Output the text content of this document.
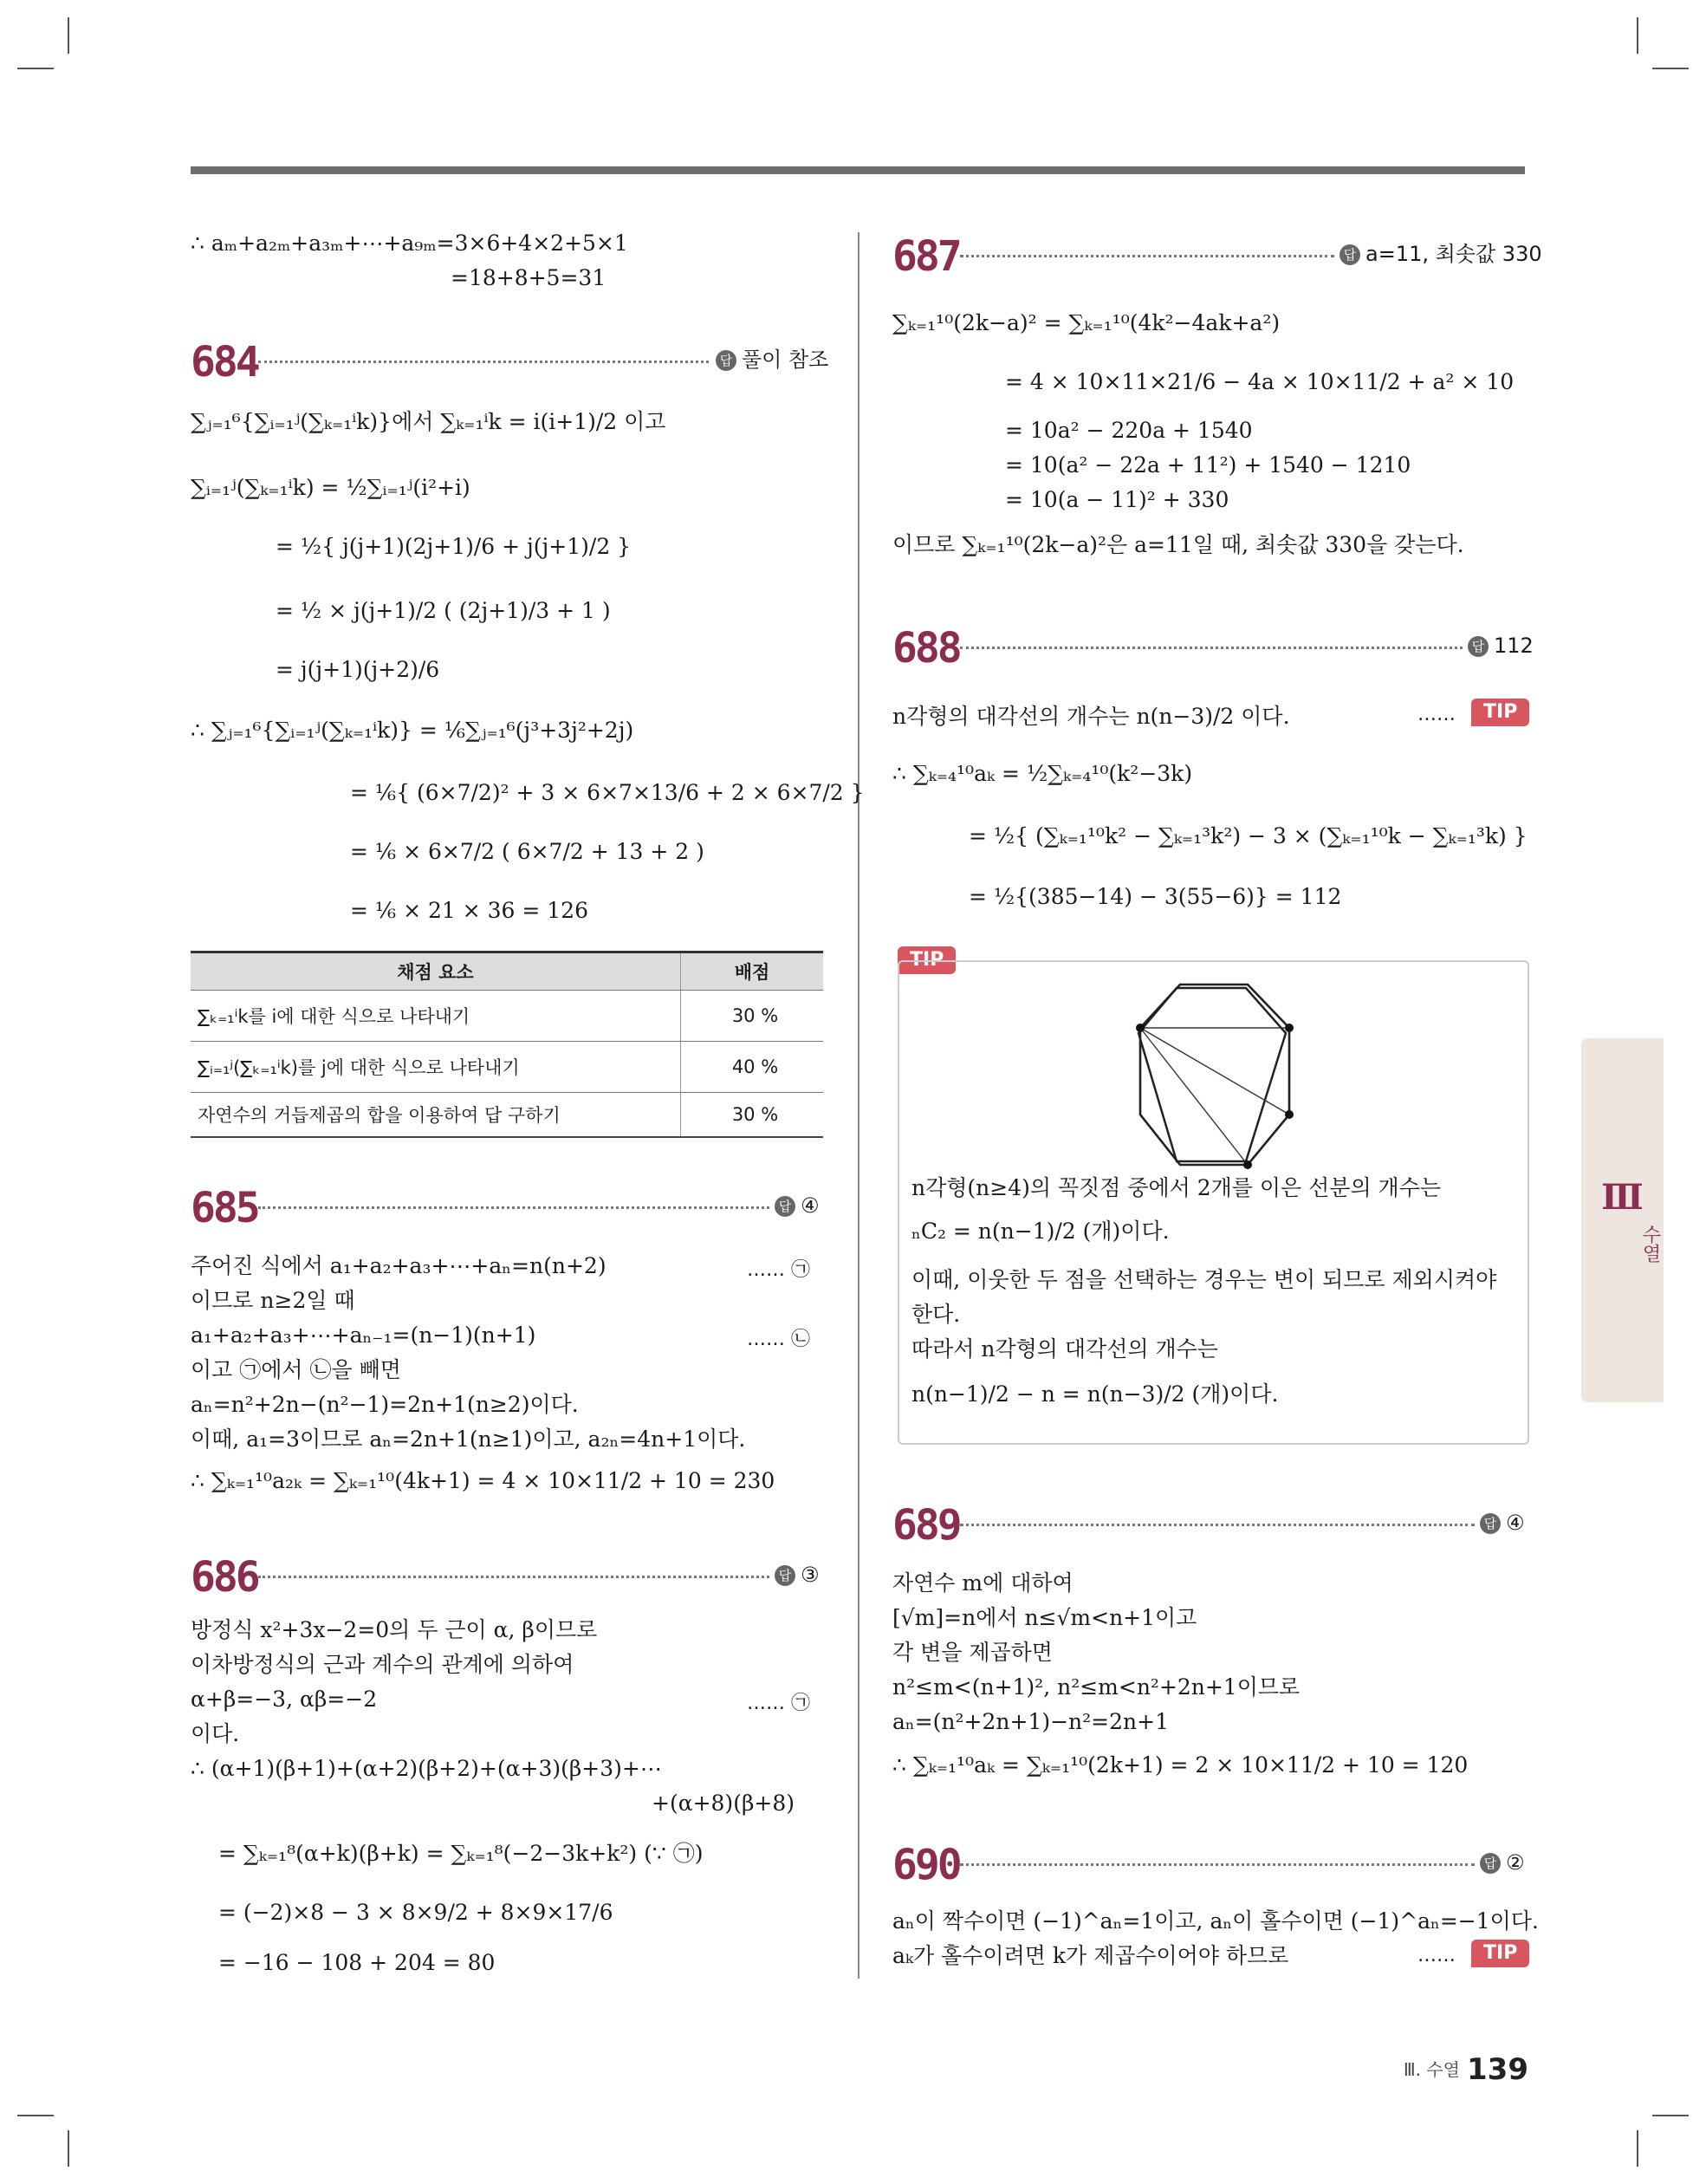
∴ aₘ+a₂ₘ+a₃ₘ+⋯+a₉ₘ=3×6+4×2+5×1
=18+8+5=31
684	답 풀이 참조
∑ⱼ₌₁⁶{∑ᵢ₌₁ʲ(∑ₖ₌₁ⁱk)}에서 ∑ₖ₌₁ⁱk = i(i+1)/2 이고
∑ᵢ₌₁ʲ(∑ₖ₌₁ⁱk) = ½∑ᵢ₌₁ʲ(i²+i)
= ½{ j(j+1)(2j+1)/6 + j(j+1)/2 }
= ½ × j(j+1)/2 ( (2j+1)/3 + 1 )
= j(j+1)(j+2)/6
∴ ∑ⱼ₌₁⁶{∑ᵢ₌₁ʲ(∑ₖ₌₁ⁱk)} = ⅙∑ⱼ₌₁⁶(j³+3j²+2j)
= ⅙{ (6×7/2)² + 3 × 6×7×13/6 + 2 × 6×7/2 }
= ⅙ × 6×7/2 ( 6×7/2 + 13 + 2 )
= ⅙ × 21 × 36 = 126
채점 요소	배점
∑ₖ₌₁ⁱk를 i에 대한 식으로 나타내기	30 %
∑ᵢ₌₁ʲ(∑ₖ₌₁ⁱk)를 j에 대한 식으로 나타내기	40 %
자연수의 거듭제곱의 합을 이용하여 답 구하기	30 %
685	답 ④
주어진 식에서 a₁+a₂+a₃+⋯+aₙ=n(n+2)	…… ㉠
이므로 n≥2일 때
a₁+a₂+a₃+⋯+aₙ₋₁=(n−1)(n+1)	…… ㉡
이고 ㉠에서 ㉡을 빼면
aₙ=n²+2n−(n²−1)=2n+1(n≥2)이다.
이때, a₁=3이므로 aₙ=2n+1(n≥1)이고, a₂ₙ=4n+1이다.
∴ ∑ₖ₌₁¹⁰a₂ₖ = ∑ₖ₌₁¹⁰(4k+1) = 4 × 10×11/2 + 10 = 230
686	답 ③
방정식 x²+3x−2=0의 두 근이 α, β이므로
이차방정식의 근과 계수의 관계에 의하여
α+β=−3, αβ=−2	…… ㉠
이다.
∴ (α+1)(β+1)+(α+2)(β+2)+(α+3)(β+3)+⋯
+(α+8)(β+8)
= ∑ₖ₌₁⁸(α+k)(β+k) = ∑ₖ₌₁⁸(−2−3k+k²) (∵ ㉠)
= (−2)×8 − 3 × 8×9/2 + 8×9×17/6
= −16 − 108 + 204 = 80
687	답 a=11, 최솟값 330
∑ₖ₌₁¹⁰(2k−a)² = ∑ₖ₌₁¹⁰(4k²−4ak+a²)
= 4 × 10×11×21/6 − 4a × 10×11/2 + a² × 10
= 10a² − 220a + 1540
= 10(a² − 22a + 11²) + 1540 − 1210
= 10(a − 11)² + 330
이므로 ∑ₖ₌₁¹⁰(2k−a)²은 a=11일 때, 최솟값 330을 갖는다.
688	답 112
n각형의 대각선의 개수는 n(n−3)/2 이다.	……	TIP
∴ ∑ₖ₌₄¹⁰aₖ = ½∑ₖ₌₄¹⁰(k²−3k)
= ½{ (∑ₖ₌₁¹⁰k² − ∑ₖ₌₁³k²) − 3 × (∑ₖ₌₁¹⁰k − ∑ₖ₌₁³k) }
= ½{(385−14) − 3(55−6)} = 112
TIP
n각형(n≥4)의 꼭짓점 중에서 2개를 이은 선분의 개수는
ₙC₂ = n(n−1)/2 (개)이다.
이때, 이웃한 두 점을 선택하는 경우는 변이 되므로 제외시켜야
한다.
따라서 n각형의 대각선의 개수는
n(n−1)/2 − n = n(n−3)/2 (개)이다.
689	답 ④
자연수 m에 대하여
[√m]=n에서 n≤√m<n+1이고
각 변을 제곱하면
n²≤m<(n+1)², n²≤m<n²+2n+1이므로
aₙ=(n²+2n+1)−n²=2n+1
∴ ∑ₖ₌₁¹⁰aₖ = ∑ₖ₌₁¹⁰(2k+1) = 2 × 10×11/2 + 10 = 120
690	답 ②
aₙ이 짝수이면 (−1)^aₙ=1이고, aₙ이 홀수이면 (−1)^aₙ=−1이다.
aₖ가 홀수이려면 k가 제곱수이어야 하므로	……	TIP
Ⅲ
수열
Ⅲ. 수열 139
